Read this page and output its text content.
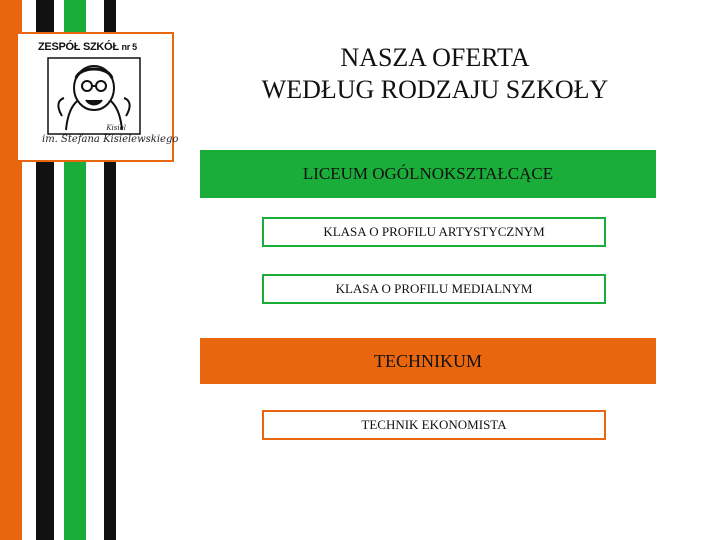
ZESPÓŁ SZKÓŁ nr 5
Kisiel
im. Stefana Kisielewskiego
NASZA OFERTA
WEDŁUG RODZAJU SZKOŁY
LICEUM OGÓLNOKSZTAŁCĄCE
KLASA O PROFILU ARTYSTYCZNYM
KLASA O PROFILU MEDIALNYM
TECHNIKUM
TECHNIK EKONOMISTA
